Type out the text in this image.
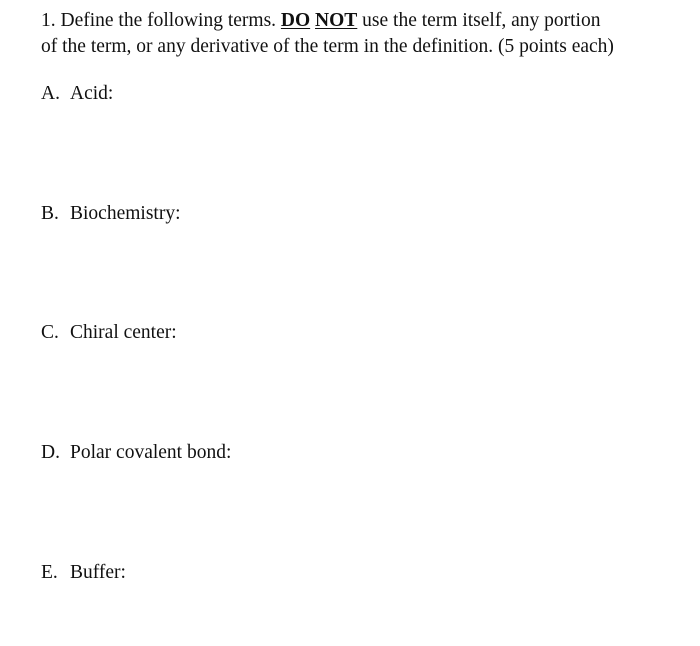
1. Define the following terms. DO NOT use the term itself, any portion
of the term, or any derivative of the term in the definition. (5 points each)
A. Acid:
B. Biochemistry:
C. Chiral center:
D. Polar covalent bond:
E. Buffer:
